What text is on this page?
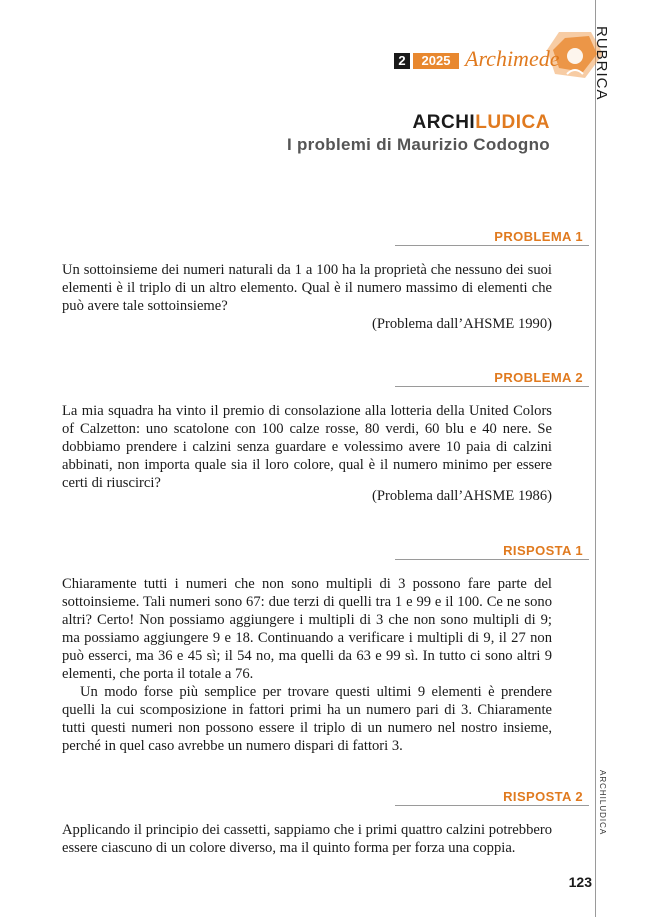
RUBRICA
ARCHILUDICA
2	2025 Archimede
ARCHILUDICA
I problemi di Maurizio Codogno
PROBLEMA 1

Un sottoinsieme dei numeri naturali da 1 a 100 ha la proprietà che nessuno dei suoi elementi è il triplo di un altro elemento. Qual è il numero massimo di elementi che può avere tale sottoinsieme?

(Problema dall’AHSME 1990)
PROBLEMA 2

La mia squadra ha vinto il premio di consolazione alla lotteria della United Colors of Calzetton: uno scatolone con 100 calze rosse, 80 verdi, 60 blu e 40 nere. Se dobbiamo prendere i calzini senza guardare e volessimo avere 10 paia di calzini abbinati, non importa quale sia il loro colore, qual è il numero minimo per essere certi di riuscirci?

(Problema dall’AHSME 1986)
RISPOSTA 1

Chiaramente tutti i numeri che non sono multipli di 3 possono fare parte del sottoinsieme. Tali numeri sono 67: due terzi di quelli tra 1 e 99 e il 100. Ce ne sono altri? Certo! Non possiamo aggiungere i multipli di 3 che non sono multipli di 9; ma possiamo aggiungere 9 e 18. Continuando a verificare i multipli di 9, il 27 non può esserci, ma 36 e 45 sì; il 54 no, ma quelli da 63 e 99 sì. In tutto ci sono altri 9 elementi, che porta il totale a 76.

Un modo forse più semplice per trovare questi ultimi 9 elementi è prendere quelli la cui scomposizione in fattori primi ha un numero pari di 3. Chiaramente tutti questi numeri non possono essere il triplo di un numero nel nostro insieme, perché in quel caso avrebbe un numero dispari di fattori 3.

RISPOSTA 2

Applicando il principio dei cassetti, sappiamo che i primi quattro calzini potrebbero essere ciascuno di un colore diverso, ma il quinto forma per forza una coppia.

123
